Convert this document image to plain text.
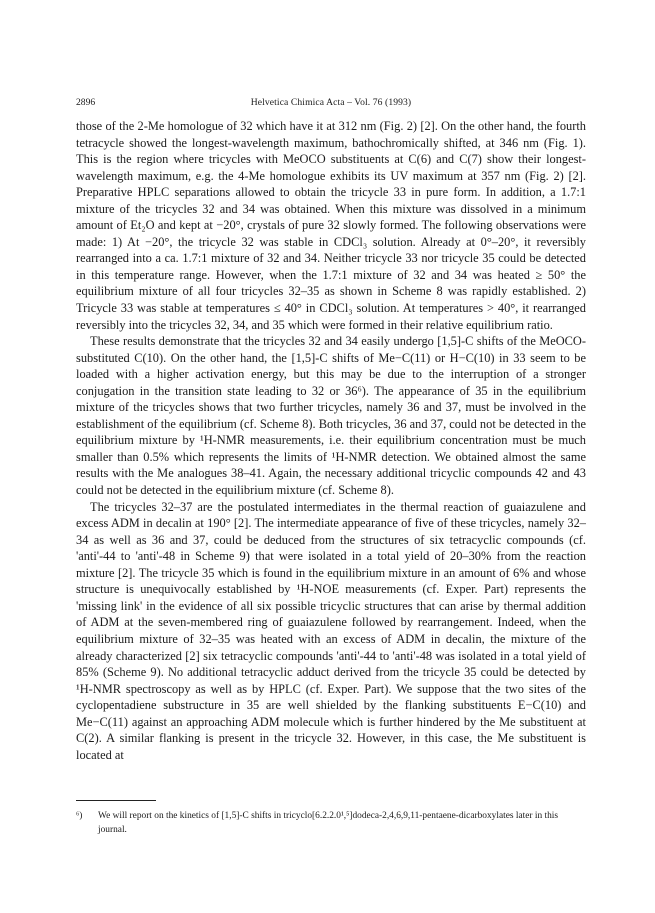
2896	Helvetica Chimica Acta – Vol. 76 (1993)

those of the 2-Me homologue of 32 which have it at 312 nm (Fig. 2) [2]. On the other hand, the fourth tetracycle showed the longest-wavelength maximum, bathochromically shifted, at 346 nm (Fig. 1). This is the region where tricycles with MeOCO substituents at C(6) and C(7) show their longest-wavelength maximum, e.g. the 4-Me homologue exhibits its UV maximum at 357 nm (Fig. 2) [2]. Preparative HPLC separations allowed to obtain the tricycle 33 in pure form. In addition, a 1.7:1 mixture of the tricycles 32 and 34 was obtained. When this mixture was dissolved in a minimum amount of Et₂O and kept at −20°, crystals of pure 32 slowly formed. The following observations were made: 1) At −20°, the tricycle 32 was stable in CDCl₃ solution. Already at 0°–20°, it reversibly rearranged into a ca. 1.7:1 mixture of 32 and 34. Neither tricycle 33 nor tricycle 35 could be detected in this temperature range. However, when the 1.7:1 mixture of 32 and 34 was heated ≥ 50° the equilibrium mixture of all four tricycles 32–35 as shown in Scheme 8 was rapidly established. 2) Tricycle 33 was stable at temperatures ≤ 40° in CDCl₃ solution. At temperatures > 40°, it rearranged reversibly into the tricycles 32, 34, and 35 which were formed in their relative equilibrium ratio.

These results demonstrate that the tricycles 32 and 34 easily undergo [1,5]-C shifts of the MeOCO-substituted C(10). On the other hand, the [1,5]-C shifts of Me−C(11) or H−C(10) in 33 seem to be loaded with a higher activation energy, but this may be due to the interruption of a stronger conjugation in the transition state leading to 32 or 36⁶). The appearance of 35 in the equilibrium mixture of the tricycles shows that two further tricycles, namely 36 and 37, must be involved in the establishment of the equilibrium (cf. Scheme 8). Both tricycles, 36 and 37, could not be detected in the equilibrium mixture by ¹H-NMR measurements, i.e. their equilibrium concentration must be much smaller than 0.5% which represents the limits of ¹H-NMR detection. We obtained almost the same results with the Me analogues 38–41. Again, the necessary additional tricyclic compounds 42 and 43 could not be detected in the equilibrium mixture (cf. Scheme 8).

The tricycles 32–37 are the postulated intermediates in the thermal reaction of guaiazulene and excess ADM in decalin at 190° [2]. The intermediate appearance of five of these tricycles, namely 32–34 as well as 36 and 37, could be deduced from the structures of six tetracyclic compounds (cf. 'anti'-44 to 'anti'-48 in Scheme 9) that were isolated in a total yield of 20–30% from the reaction mixture [2]. The tricycle 35 which is found in the equilibrium mixture in an amount of 6% and whose structure is unequivocally established by ¹H-NOE measurements (cf. Exper. Part) represents the 'missing link' in the evidence of all six possible tricyclic structures that can arise by thermal addition of ADM at the seven-membered ring of guaiazulene followed by rearrangement. Indeed, when the equilibrium mixture of 32–35 was heated with an excess of ADM in decalin, the mixture of the already characterized [2] six tetracyclic compounds 'anti'-44 to 'anti'-48 was isolated in a total yield of 85% (Scheme 9). No additional tetracyclic adduct derived from the tricycle 35 could be detected by ¹H-NMR spectroscopy as well as by HPLC (cf. Exper. Part). We suppose that the two sites of the cyclopentadiene substructure in 35 are well shielded by the flanking substituents E−C(10) and Me−C(11) against an approaching ADM molecule which is further hindered by the Me substituent at C(2). A similar flanking is present in the tricycle 32. However, in this case, the Me substituent is located at

⁶) We will report on the kinetics of [1,5]-C shifts in tricyclo[6.2.2.0¹,⁵]dodeca-2,4,6,9,11-pentaene-dicarboxylates later in this journal.
